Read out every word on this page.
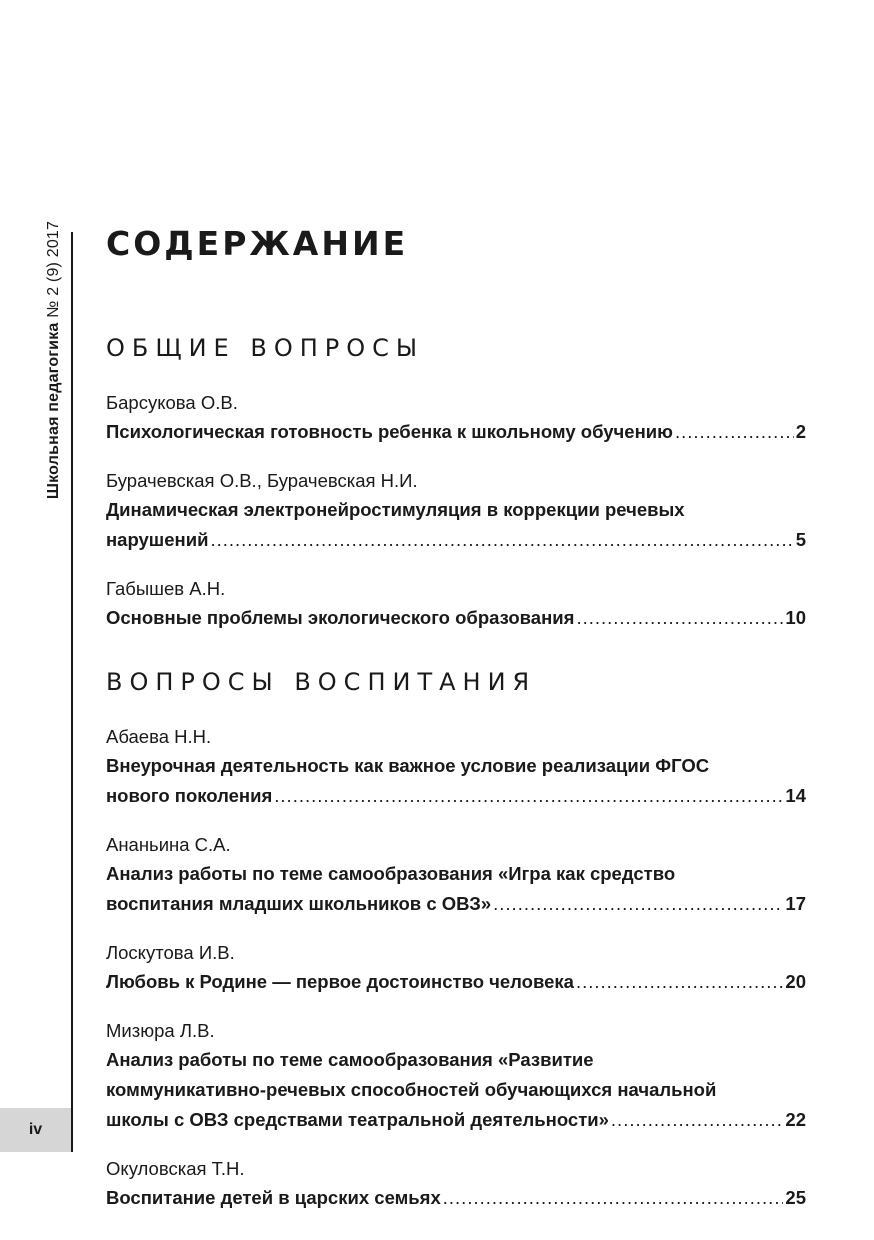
Школьная педагогика № 2 (9) 2017
iv
СОДЕРЖАНИЕ
ОБЩИЕ ВОПРОСЫ
Барсукова О.В.
Психологическая готовность ребенка к школьному обучению .....	2
Бурачевская О.В., Бурачевская Н.И.
Динамическая электронейростимуляция в коррекции речевых
нарушений .....	5
Габышев А.Н.
Основные проблемы экологического образования .....	10
ВОПРОСЫ ВОСПИТАНИЯ
Абаева Н.Н.
Внеурочная деятельность как важное условие реализации ФГОС
нового поколения .....	14
Ананьина С.А.
Анализ работы по теме самообразования «Игра как средство
воспитания младших школьников с ОВЗ» .....	17
Лоскутова И.В.
Любовь к Родине — первое достоинство человека .....	20
Мизюра Л.В.
Анализ работы по теме самообразования «Развитие
коммуникативно-речевых способностей обучающихся начальной
школы с ОВЗ средствами театральной деятельности» .....	22
Окуловская Т.Н.
Воспитание детей в царских семьях .....	25
